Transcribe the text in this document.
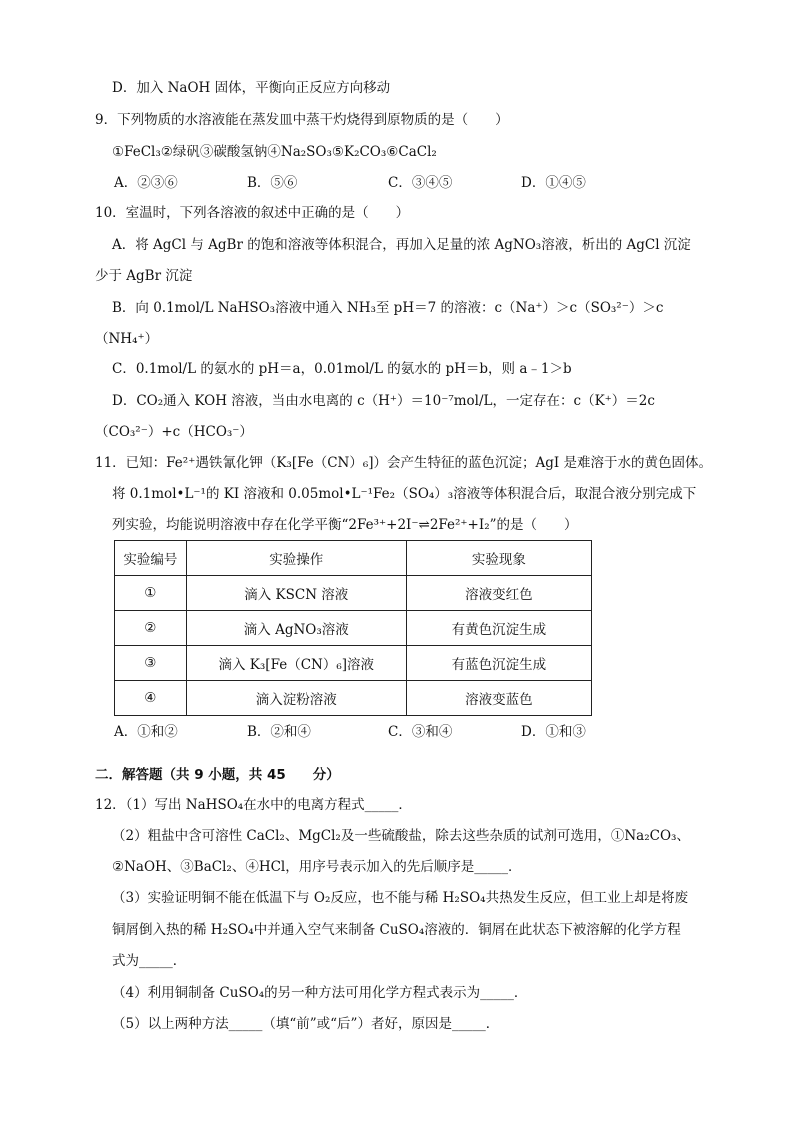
D．加入 NaOH 固体，平衡向正反应方向移动
9．下列物质的水溶液能在蒸发皿中蒸干灼烧得到原物质的是（　　）
①FeCl₃②绿矾③碳酸氢钠④Na₂SO₃⑤K₂CO₃⑥CaCl₂
A．②③⑥	B．⑤⑥	C．③④⑤	D．①④⑤
10．室温时，下列各溶液的叙述中正确的是（　　）
A．将 AgCl 与 AgBr 的饱和溶液等体积混合，再加入足量的浓 AgNO₃溶液，析出的 AgCl 沉淀
少于 AgBr 沉淀
B．向 0.1mol/L NaHSO₃溶液中通入 NH₃至 pH＝7 的溶液：c（Na⁺）＞c（SO₃²⁻）＞c
（NH₄⁺）
C．0.1mol/L 的氨水的 pH＝a，0.01mol/L 的氨水的 pH＝b，则 a﹣1＞b
D．CO₂通入 KOH 溶液，当由水电离的 c（H⁺）＝10⁻⁷mol/L，一定存在：c（K⁺）＝2c
（CO₃²⁻）+c（HCO₃⁻）
11．已知：Fe²⁺遇铁氰化钾（K₃[Fe（CN）₆]）会产生特征的蓝色沉淀；AgI 是难溶于水的黄色固体。
将 0.1mol•L⁻¹的 KI 溶液和 0.05mol•L⁻¹Fe₂（SO₄）₃溶液等体积混合后，取混合液分别完成下
列实验，均能说明溶液中存在化学平衡“2Fe³⁺+2I⁻⇌2Fe²⁺+I₂”的是（　　）
实验编号	实验操作	实验现象
①	滴入 KSCN 溶液	溶液变红色
②	滴入 AgNO₃溶液	有黄色沉淀生成
③	滴入 K₃[Fe（CN）₆]溶液	有蓝色沉淀生成
④	滴入淀粉溶液	溶液变蓝色
A．①和②	B．②和④	C．③和④	D．①和③
二．解答题（共 9 小题，共 45　　分）
12．（1）写出 NaHSO₄在水中的电离方程式_____．
（2）粗盐中含可溶性 CaCl₂、MgCl₂及一些硫酸盐，除去这些杂质的试剂可选用，①Na₂CO₃、
②NaOH、③BaCl₂、④HCl，用序号表示加入的先后顺序是_____．
（3）实验证明铜不能在低温下与 O₂反应，也不能与稀 H₂SO₄共热发生反应，但工业上却是将废
铜屑倒入热的稀 H₂SO₄中并通入空气来制备 CuSO₄溶液的．铜屑在此状态下被溶解的化学方程
式为_____．
（4）利用铜制备 CuSO₄的另一种方法可用化学方程式表示为_____．
（5）以上两种方法_____（填“前”或“后”）者好，原因是_____．
